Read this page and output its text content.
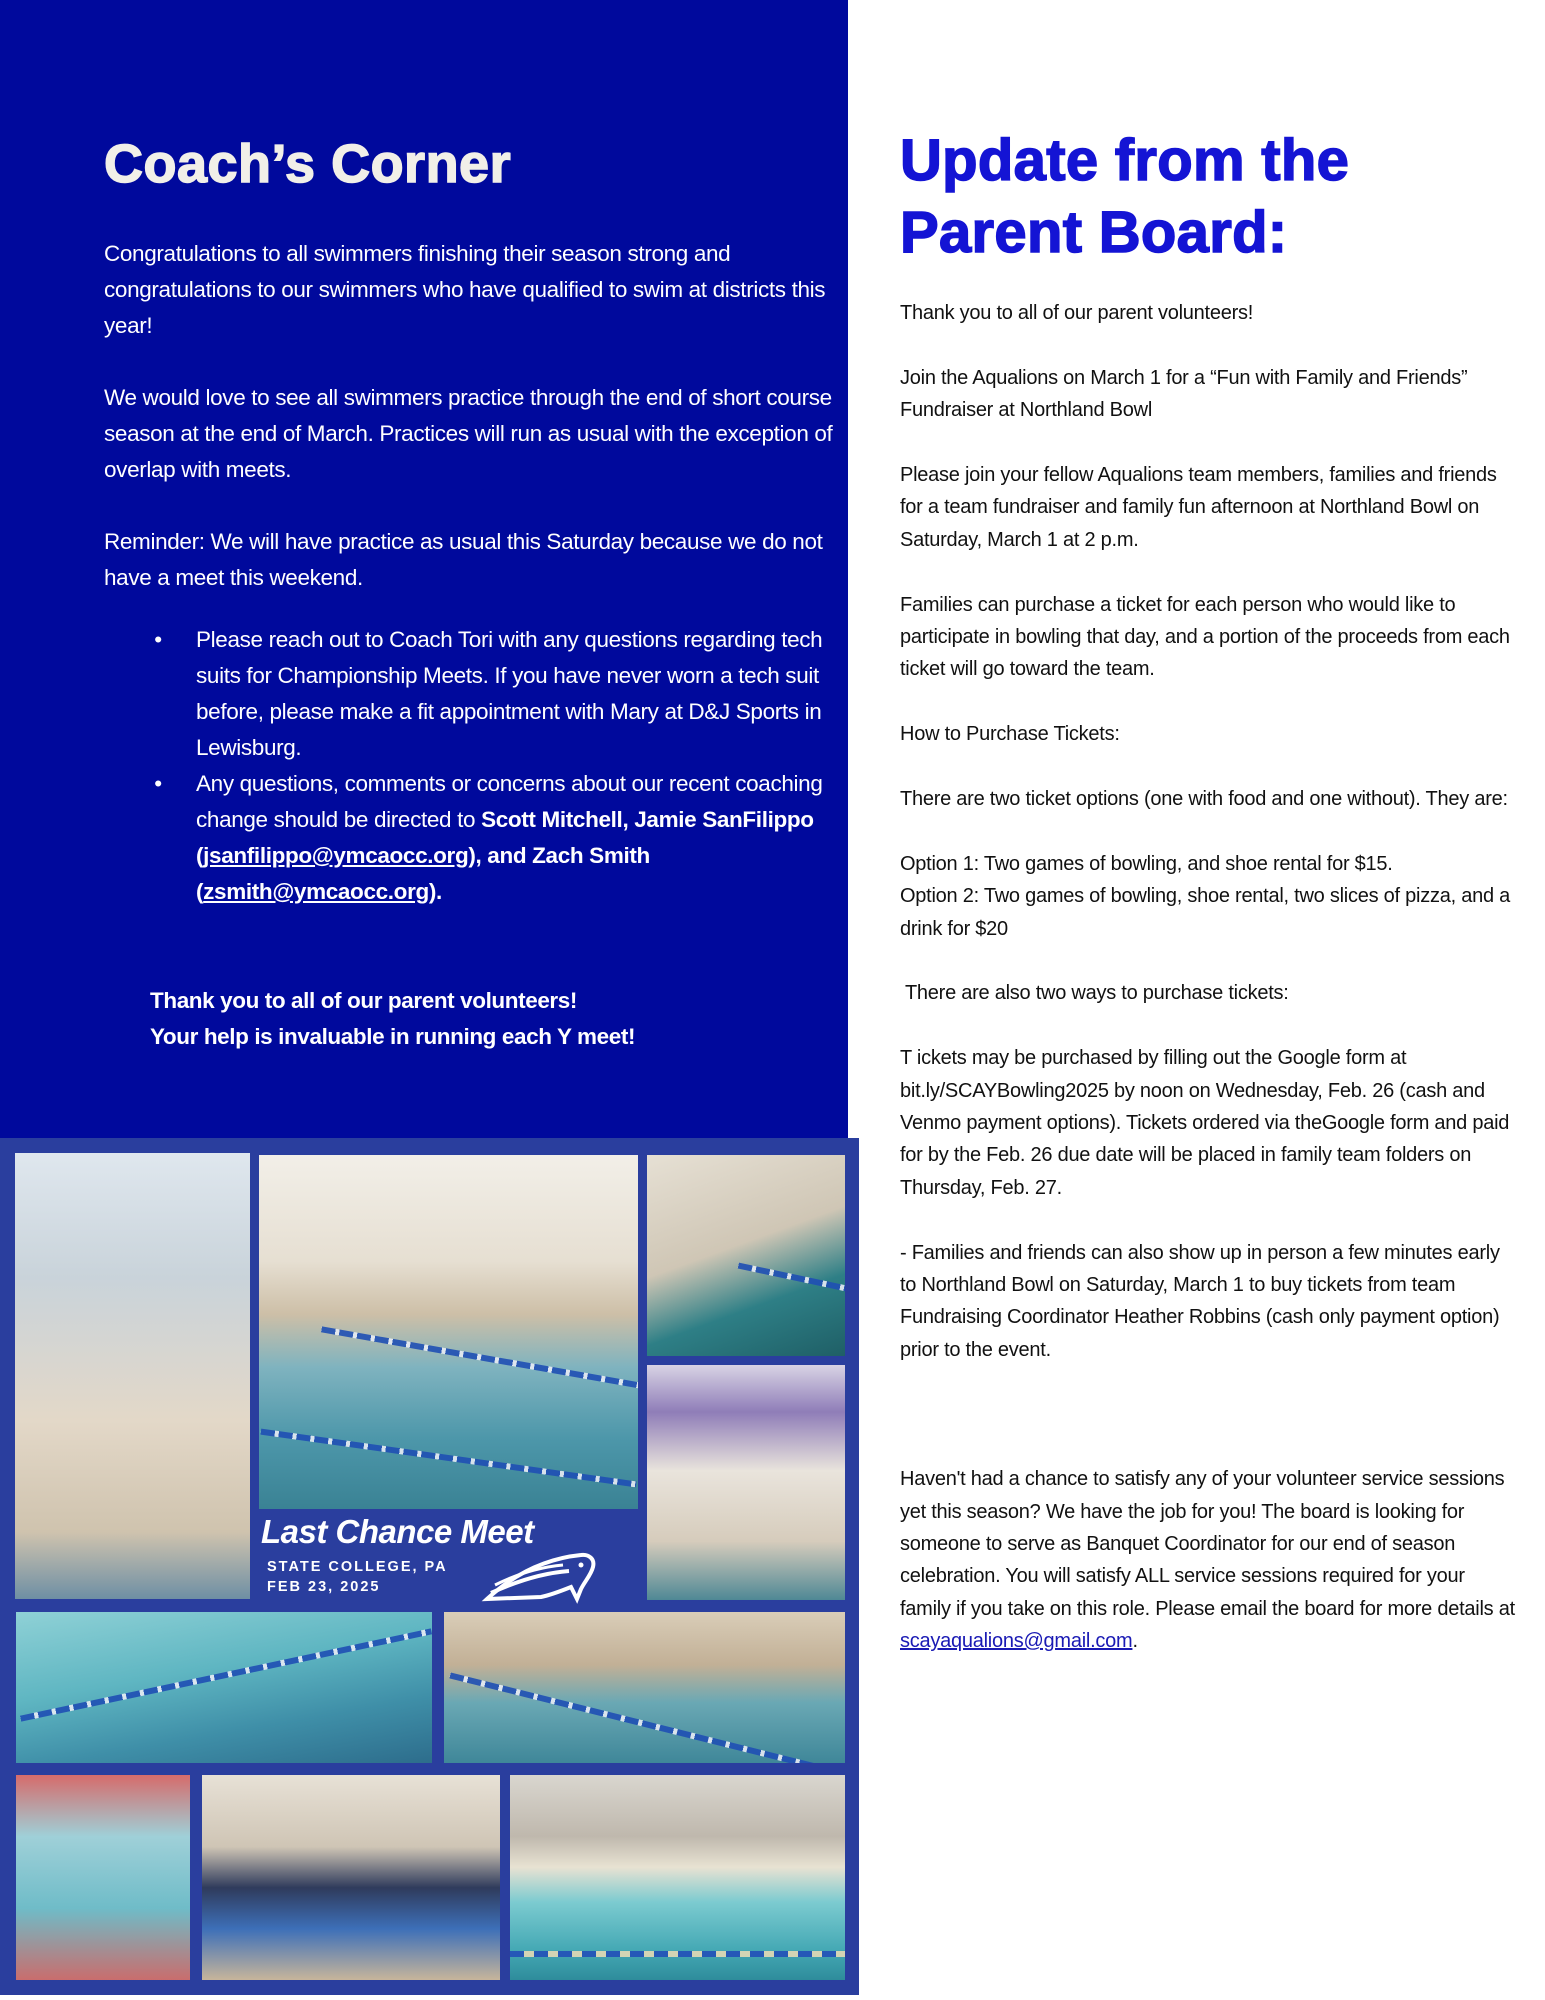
Coach’s Corner

Congratulations to all swimmers finishing their season strong and congratulations to our swimmers who have qualified to swim at districts this year!

We would love to see all swimmers practice through the end of short course season at the end of March. Practices will run as usual with the exception of overlap with meets.

Reminder: We will have practice as usual this Saturday because we do not have a meet this weekend.

• Please reach out to Coach Tori with any questions regarding tech suits for Championship Meets. If you have never worn a tech suit before, please make a fit appointment with Mary at D&J Sports in Lewisburg.
• Any questions, comments or concerns about our recent coaching change should be directed to Scott Mitchell, Jamie SanFilippo (jsanfilippo@ymcaocc.org), and Zach Smith (zsmith@ymcaocc.org).
Thank you to all of our parent volunteers!
Your help is invaluable in running each Y meet!
Last Chance Meet
STATE COLLEGE, PA
FEB 23, 2025
Update from the
Parent Board:

Thank you to all of our parent volunteers!

Join the Aqualions on March 1 for a “Fun with Family and Friends” Fundraiser at Northland Bowl

Please join your fellow Aqualions team members, families and friends for a team fundraiser and family fun afternoon at Northland Bowl on Saturday, March 1 at 2 p.m.

Families can purchase a ticket for each person who would like to participate in bowling that day, and a portion of the proceeds from each ticket will go toward the team.

How to Purchase Tickets:

There are two ticket options (one with food and one without). They are:

Option 1: Two games of bowling, and shoe rental for $15.

Option 2: Two games of bowling, shoe rental, two slices of pizza, and a drink for $20

There are also two ways to purchase tickets:

T ickets may be purchased by filling out the Google form at bit.ly/SCAYBowling2025 by noon on Wednesday, Feb. 26 (cash and Venmo payment options). Tickets ordered via theGoogle form and paid for by the Feb. 26 due date will be placed in family team folders on Thursday, Feb. 27.

- Families and friends can also show up in person a few minutes early to Northland Bowl on Saturday, March 1 to buy tickets from team Fundraising Coordinator Heather Robbins (cash only payment option) prior to the event.

Haven't had a chance to satisfy any of your volunteer service sessions yet this season? We have the job for you! The board is looking for someone to serve as Banquet Coordinator for our end of season celebration. You will satisfy ALL service sessions required for your family if you take on this role. Please email the board for more details at scayaqualions@gmail.com.
